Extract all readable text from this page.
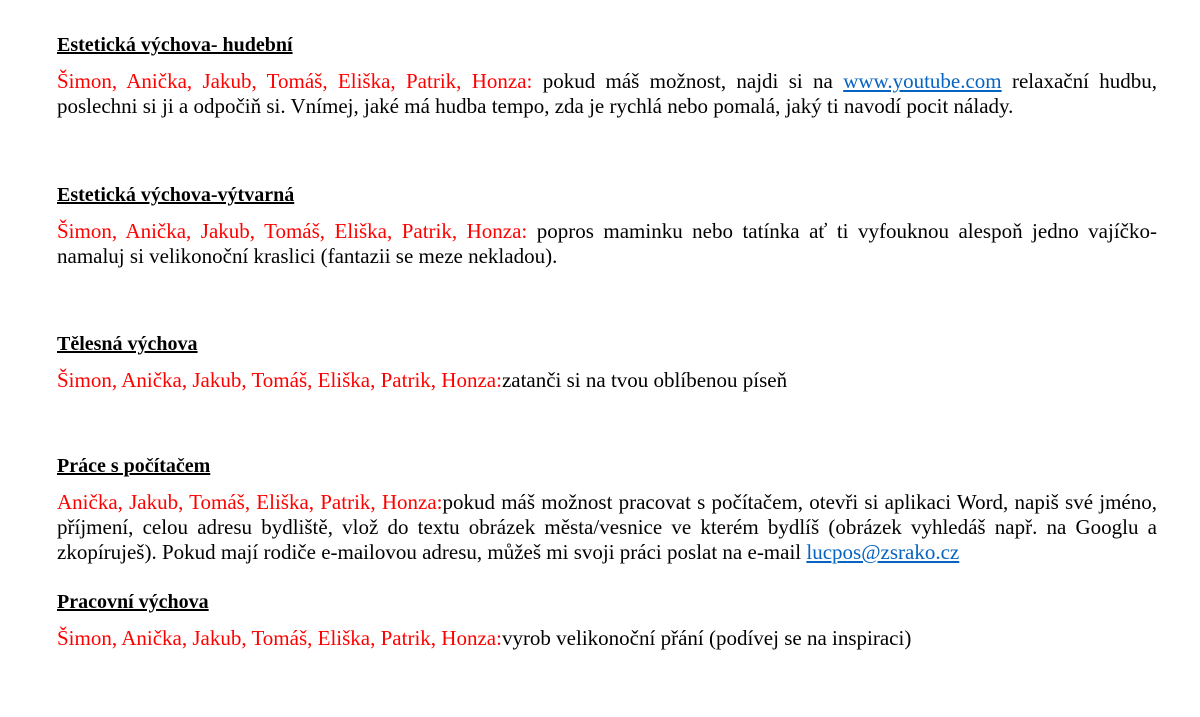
Estetická výchova- hudební

Šimon, Anička, Jakub, Tomáš, Eliška, Patrik, Honza: pokud máš možnost, najdi si na www.youtube.com relaxační hudbu, poslechni si ji a odpočiň si. Vnímej, jaké má hudba tempo, zda je rychlá nebo pomalá, jaký ti navodí pocit nálady.

Estetická výchova-výtvarná

Šimon, Anička, Jakub, Tomáš, Eliška, Patrik, Honza: popros maminku nebo tatínka ať ti vyfouknou alespoň jedno vajíčko- namaluj si velikonoční kraslici (fantazii se meze nekladou).

Tělesná výchova

Šimon, Anička, Jakub, Tomáš, Eliška, Patrik, Honza:zatanči si na tvou oblíbenou píseň

Práce s počítačem

Anička, Jakub, Tomáš, Eliška, Patrik, Honza:pokud máš možnost pracovat s počítačem, otevři si aplikaci Word, napiš své jméno, příjmení, celou adresu bydliště, vlož do textu obrázek města/vesnice ve kterém bydlíš (obrázek vyhledáš např. na Googlu a zkopíruješ). Pokud mají rodiče e-mailovou adresu, můžeš mi svoji práci poslat na e-mail lucpos@zsrako.cz

Pracovní výchova

Šimon, Anička, Jakub, Tomáš, Eliška, Patrik, Honza:vyrob velikonoční přání (podívej se na inspiraci)
